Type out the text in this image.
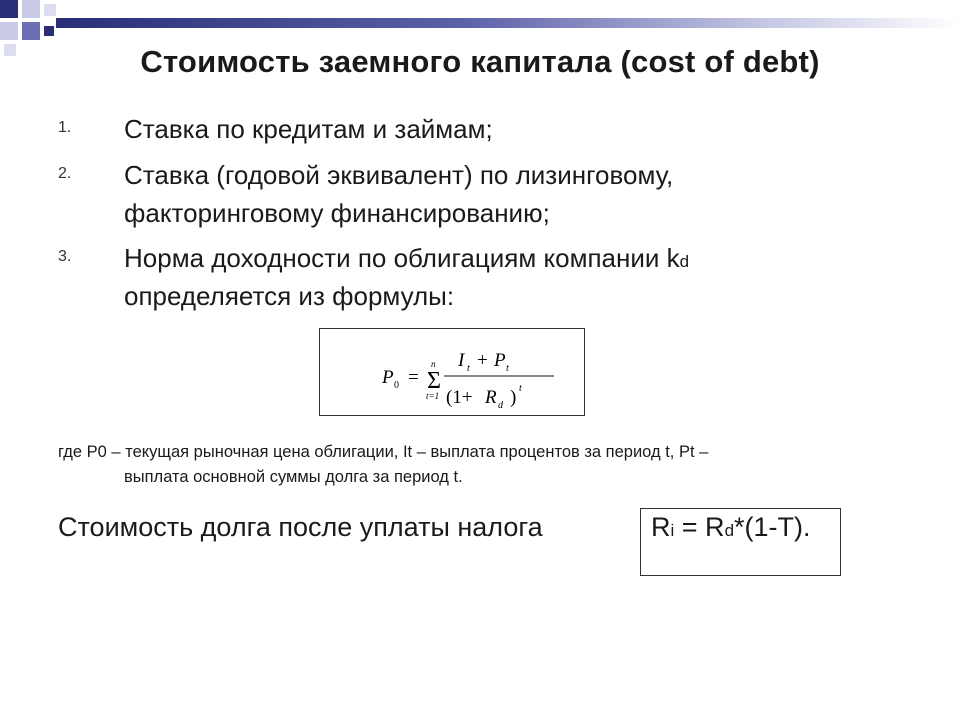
Стоимость заемного капитала (cost of debt)
1. Ставка по кредитам и займам;
2. Ставка (годовой эквивалент) по лизинговому,
факторинговому финансированию;
3. Норма доходности по облигациям компании kd
определяется из формулы:
P 0 = Σ
n
t=1
I t + P t
(1+ R d ) t
где P0 – текущая рыночная цена облигации, It – выплата процентов за период t, Pt –
выплата основной суммы долга за период t.
Стоимость долга после уплаты налога	Ri = Rd*(1-T).
